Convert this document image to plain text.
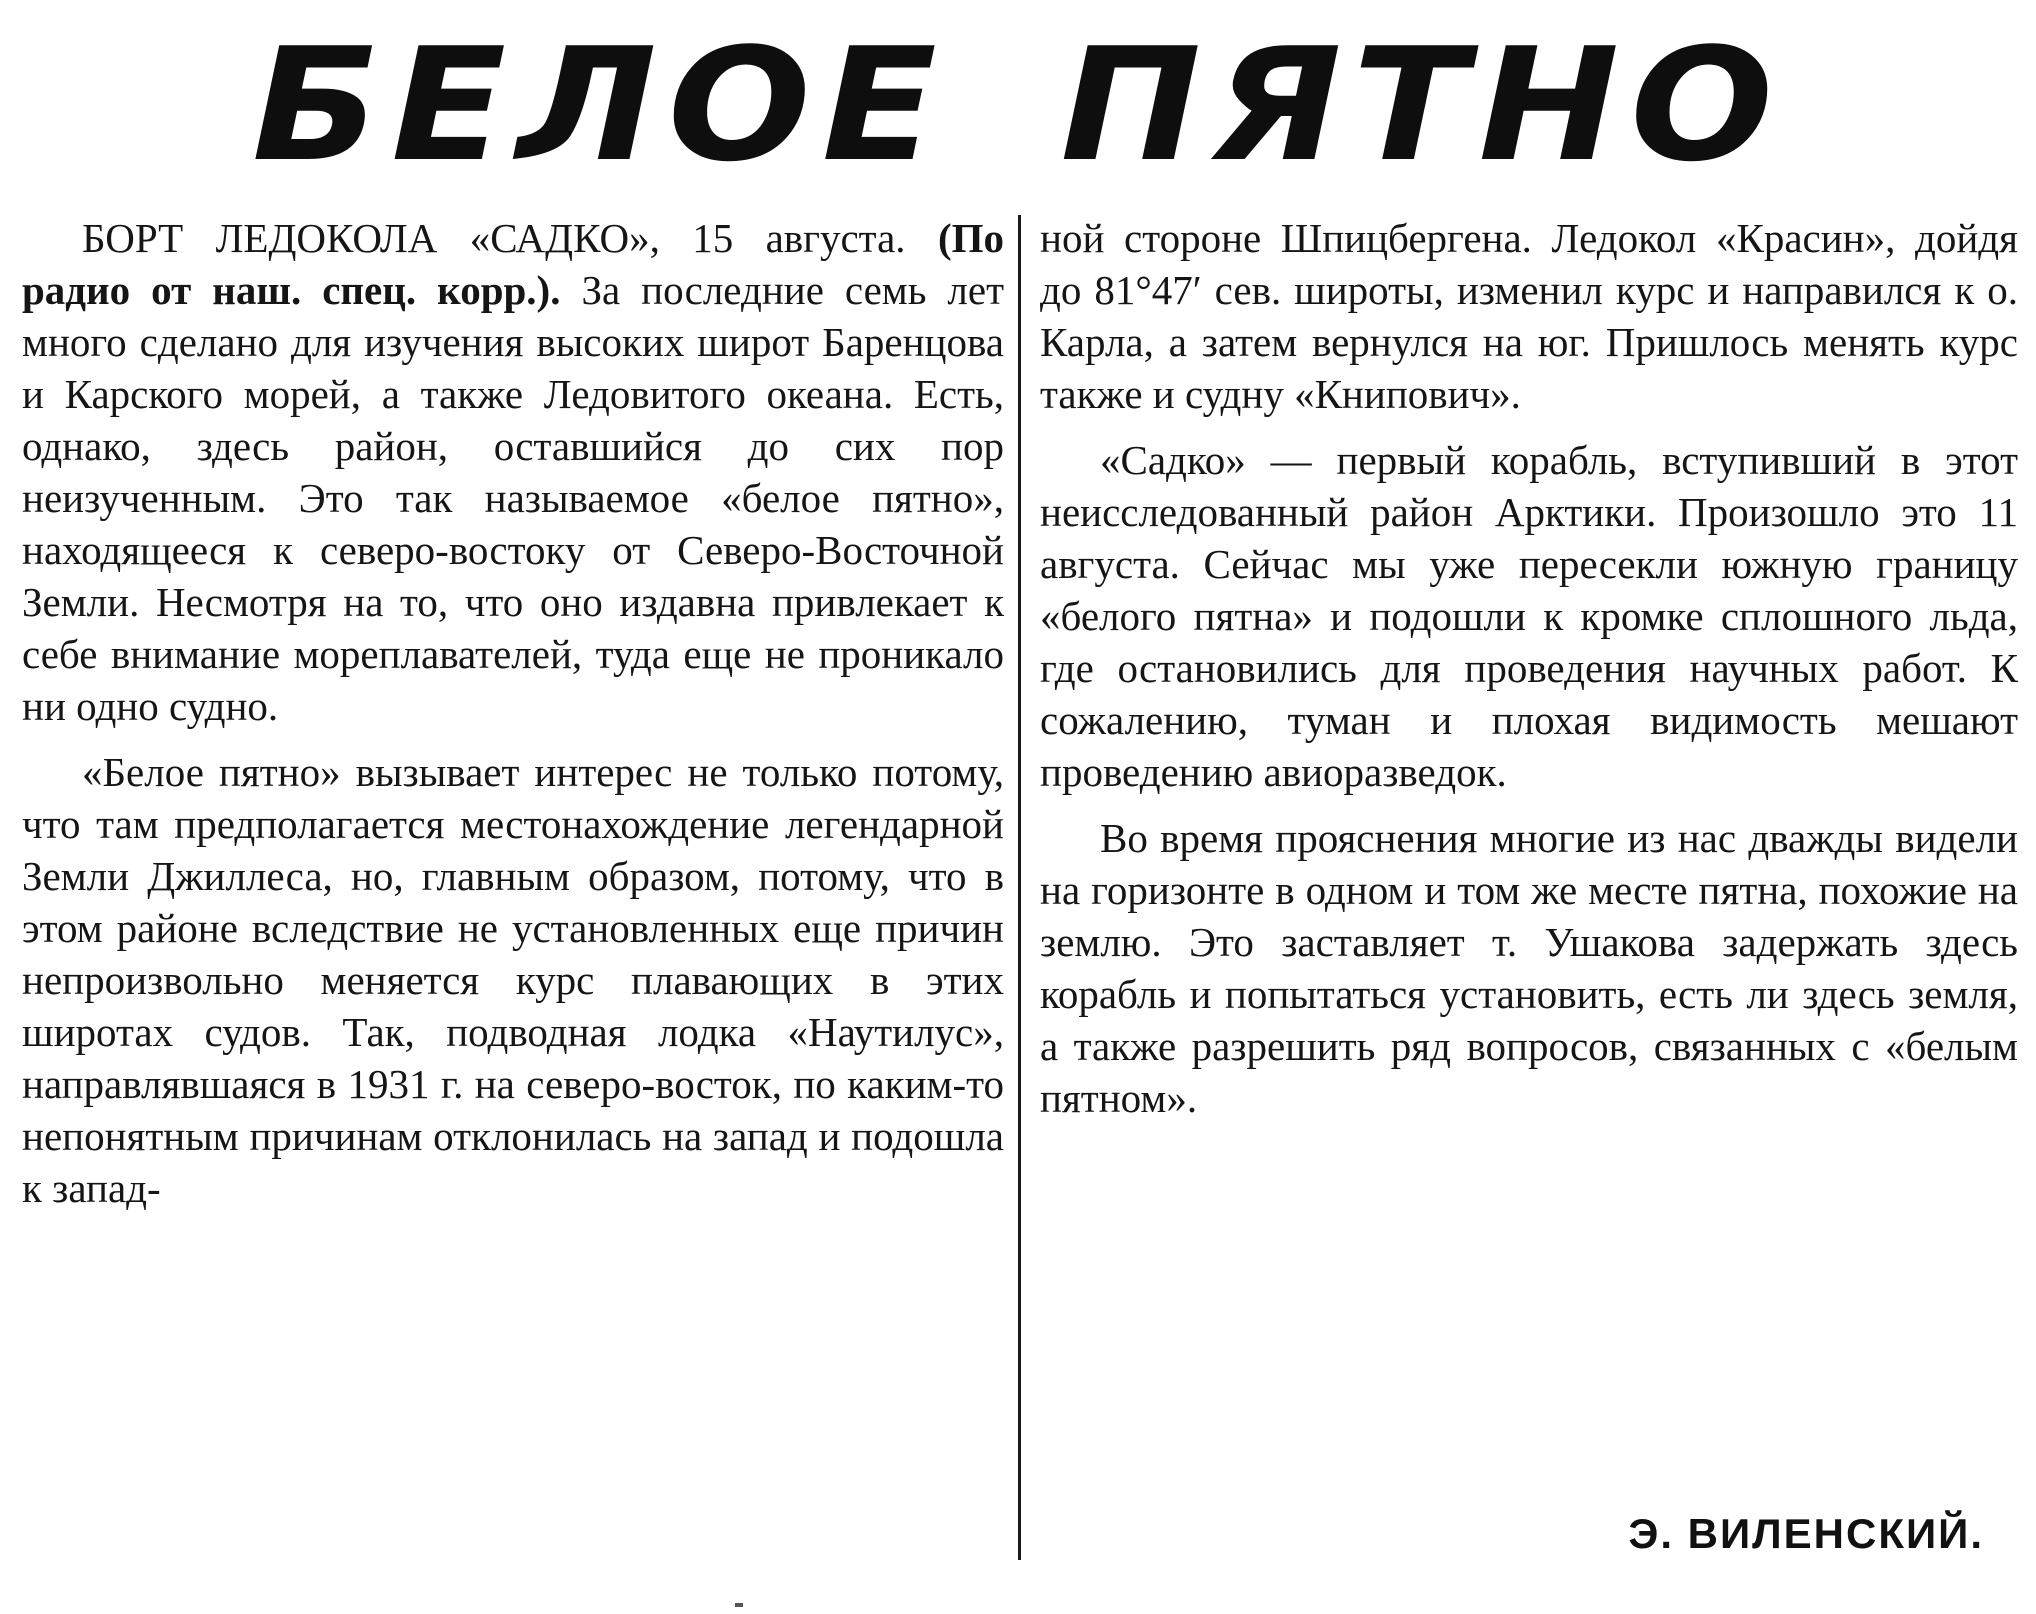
БЕЛОЕ ПЯТНО

БОРТ ЛЕДОКОЛА «САДКО», 15 августа. (По радио от наш. спец. корр.). За последние семь лет много сделано для изучения высоких широт Баренцова и Карского морей, а также Ледовитого океана. Есть, однако, здесь район, оставшийся до сих пор неизученным. Это так называемое «белое пятно», находящееся к северо-востоку от Северо-Восточной Земли. Несмотря на то, что оно издавна привлекает к себе внимание мореплавателей, туда еще не проникало ни одно судно.

«Белое пятно» вызывает интерес не только потому, что там предполагается местонахождение легендарной Земли Джиллеса, но, главным образом, потому, что в этом районе вследствие не установленных еще причин непроизвольно меняется курс плавающих в этих широтах судов. Так, подводная лодка «Наутилус», направлявшаяся в 1931 г. на северо-восток, по каким-то непонятным причинам отклонилась на запад и подошла к запад-

ной стороне Шпицбергена. Ледокол «Красин», дойдя до 81°47′ сев. широты, изменил курс и направился к о. Карла, а затем вернулся на юг. Пришлось менять курс также и судну «Книпович».

«Садко» — первый корабль, вступивший в этот неисследованный район Арктики. Произошло это 11 августа. Сейчас мы уже пересекли южную границу «белого пятна» и подошли к кромке сплошного льда, где остановились для проведения научных работ. К сожалению, туман и плохая видимость мешают проведению авиоразведок.

Во время прояснения многие из нас дважды видели на горизонте в одном и том же месте пятна, похожие на землю. Это заставляет т. Ушакова задержать здесь корабль и попытаться установить, есть ли здесь земля, а также разрешить ряд вопросов, связанных с «белым пятном».

Э. ВИЛЕНСКИЙ.
